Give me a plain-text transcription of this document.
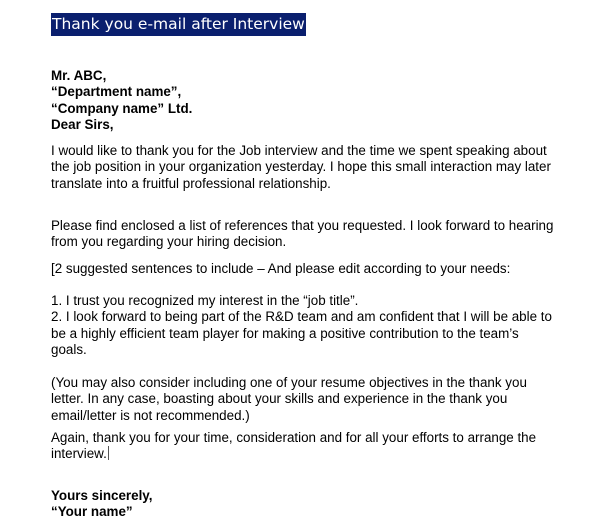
Thank you e-mail after Interview
Mr. ABC,
“Department name”,
“Company name” Ltd.
Dear Sirs,
I would like to thank you for the Job interview and the time we spent speaking about
the job position in your organization yesterday. I hope this small interaction may later
translate into a fruitful professional relationship.
Please find enclosed a list of references that you requested. I look forward to hearing
from you regarding your hiring decision.
[2 suggested sentences to include – And please edit according to your needs:
1. I trust you recognized my interest in the “job title”.
2. I look forward to being part of the R&D team and am confident that I will be able to
be a highly efficient team player for making a positive contribution to the team’s
goals.
(You may also consider including one of your resume objectives in the thank you
letter. In any case, boasting about your skills and experience in the thank you
email/letter is not recommended.)
Again, thank you for your time, consideration and for all your efforts to arrange the
interview.
Yours sincerely,
“Your name”
